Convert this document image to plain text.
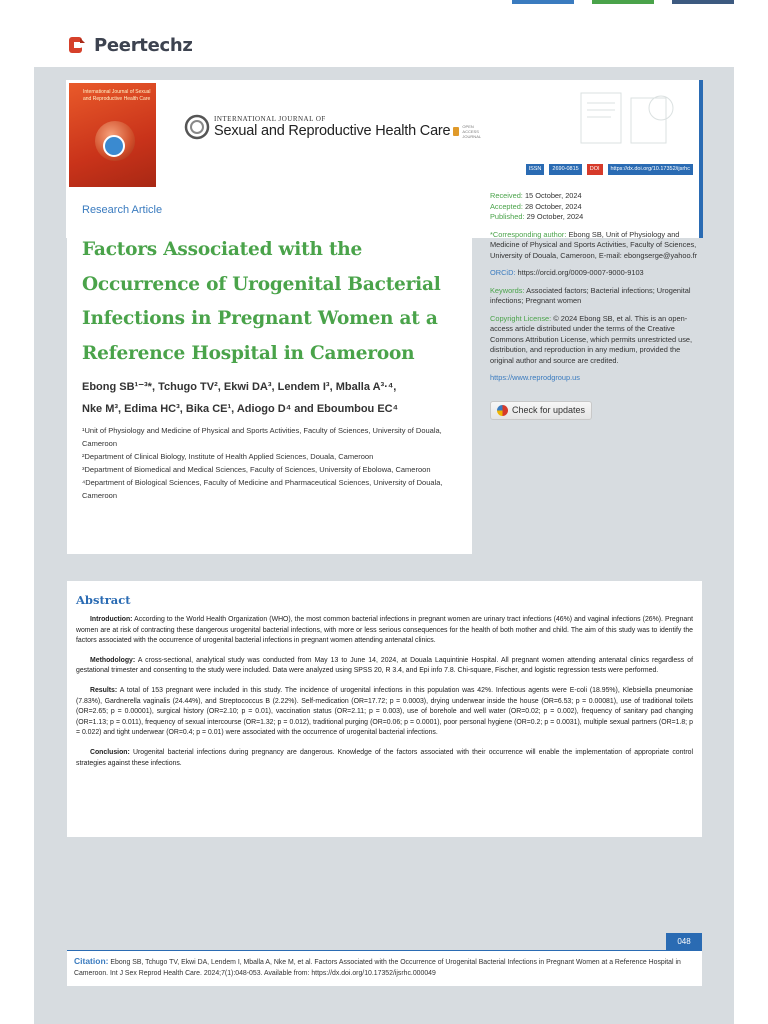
Peertechz
International Journal of Sexual and Reproductive Health Care
INTERNATIONAL JOURNAL OF
Sexual and Reproductive Health Care	OPEN ACCESS JOURNAL
ISSN	2690-0815	DOI	https://dx.doi.org/10.17352/ijsrhc
Research Article
Factors Associated with the Occurrence of Urogenital Bacterial Infections in Pregnant Women at a Reference Hospital in Cameroon
Ebong SB¹⁻³*, Tchugo TV², Ekwi DA³, Lendem I³, Mballa A³·⁴,
Nke M³, Edima HC³, Bika CE¹, Adiogo D⁴ and Eboumbou EC⁴
¹Unit of Physiology and Medicine of Physical and Sports Activities, Faculty of Sciences, University of Douala, Cameroon
²Department of Clinical Biology, Institute of Health Applied Sciences, Douala, Cameroon
³Department of Biomedical and Medical Sciences, Faculty of Sciences, University of Ebolowa, Cameroon
⁴Department of Biological Sciences, Faculty of Medicine and Pharmaceutical Sciences, University of Douala, Cameroon
Received: 15 October, 2024
Accepted: 28 October, 2024
Published: 29 October, 2024
*Corresponding author: Ebong SB, Unit of Physiology and Medicine of Physical and Sports Activities, Faculty of Sciences, University of Douala, Cameroon, E-mail: ebongserge@yahoo.fr
ORCiD: https://orcid.org/0009-0007-9000-9103
Keywords: Associated factors; Bacterial infections; Urogenital infections; Pregnant women
Copyright License: © 2024 Ebong SB, et al. This is an open-access article distributed under the terms of the Creative Commons Attribution License, which permits unrestricted use, distribution, and reproduction in any medium, provided the original author and source are credited.
https://www.reprodgroup.us
Check for updates
Abstract

Introduction: According to the World Health Organization (WHO), the most common bacterial infections in pregnant women are urinary tract infections (46%) and vaginal infections (26%). Pregnant women are at risk of contracting these dangerous urogenital bacterial infections, with more or less serious consequences for the health of both mother and child. The aim of this study was to identify the factors associated with the occurrence of urogenital bacterial infections in pregnant women attending antenatal clinics.

Methodology: A cross-sectional, analytical study was conducted from May 13 to June 14, 2024, at Douala Laquintinie Hospital. All pregnant women attending antenatal clinics regardless of gestational trimester and consenting to the study were included. Data were analyzed using SPSS 20, R 3.4, and Epi info 7.8. Chi-square, Fischer, and logistic regression tests were performed.

Results: A total of 153 pregnant were included in this study. The incidence of urogenital infections in this population was 42%. Infectious agents were E-coli (18.95%), Klebsiella pneumoniae (7.83%), Gardnerella vaginalis (24.44%), and Streptococcus B (2.22%). Self-medication (OR=17.72; p = 0.0003), drying underwear inside the house (OR=6.53; p = 0.00081), use of traditional toilets (OR=2.65; p = 0.00001), surgical history (OR=2.10; p = 0.01), vaccination status (OR=2.11; p = 0.003), use of borehole and well water (OR=0.02; p = 0.002), frequency of sanitary pad changing (OR=1.13; p = 0.011), frequency of sexual intercourse (OR=1.32; p = 0.012), traditional purging (OR=0.06; p = 0.0001), poor personal hygiene (OR=0.2; p = 0.0031), multiple sexual partners (OR=1.8; p = 0.022) and tight underwear (OR=0.4; p = 0.01) were associated with the occurrence of urogenital bacterial infections.

Conclusion: Urogenital bacterial infections during pregnancy are dangerous. Knowledge of the factors associated with their occurrence will enable the implementation of appropriate control strategies against these infections.

048
Citation: Ebong SB, Tchugo TV, Ekwi DA, Lendem I, Mballa A, Nke M, et al. Factors Associated with the Occurrence of Urogenital Bacterial Infections in Pregnant Women at a Reference Hospital in Cameroon. Int J Sex Reprod Health Care. 2024;7(1):048-053. Available from: https://dx.doi.org/10.17352/ijsrhc.000049
